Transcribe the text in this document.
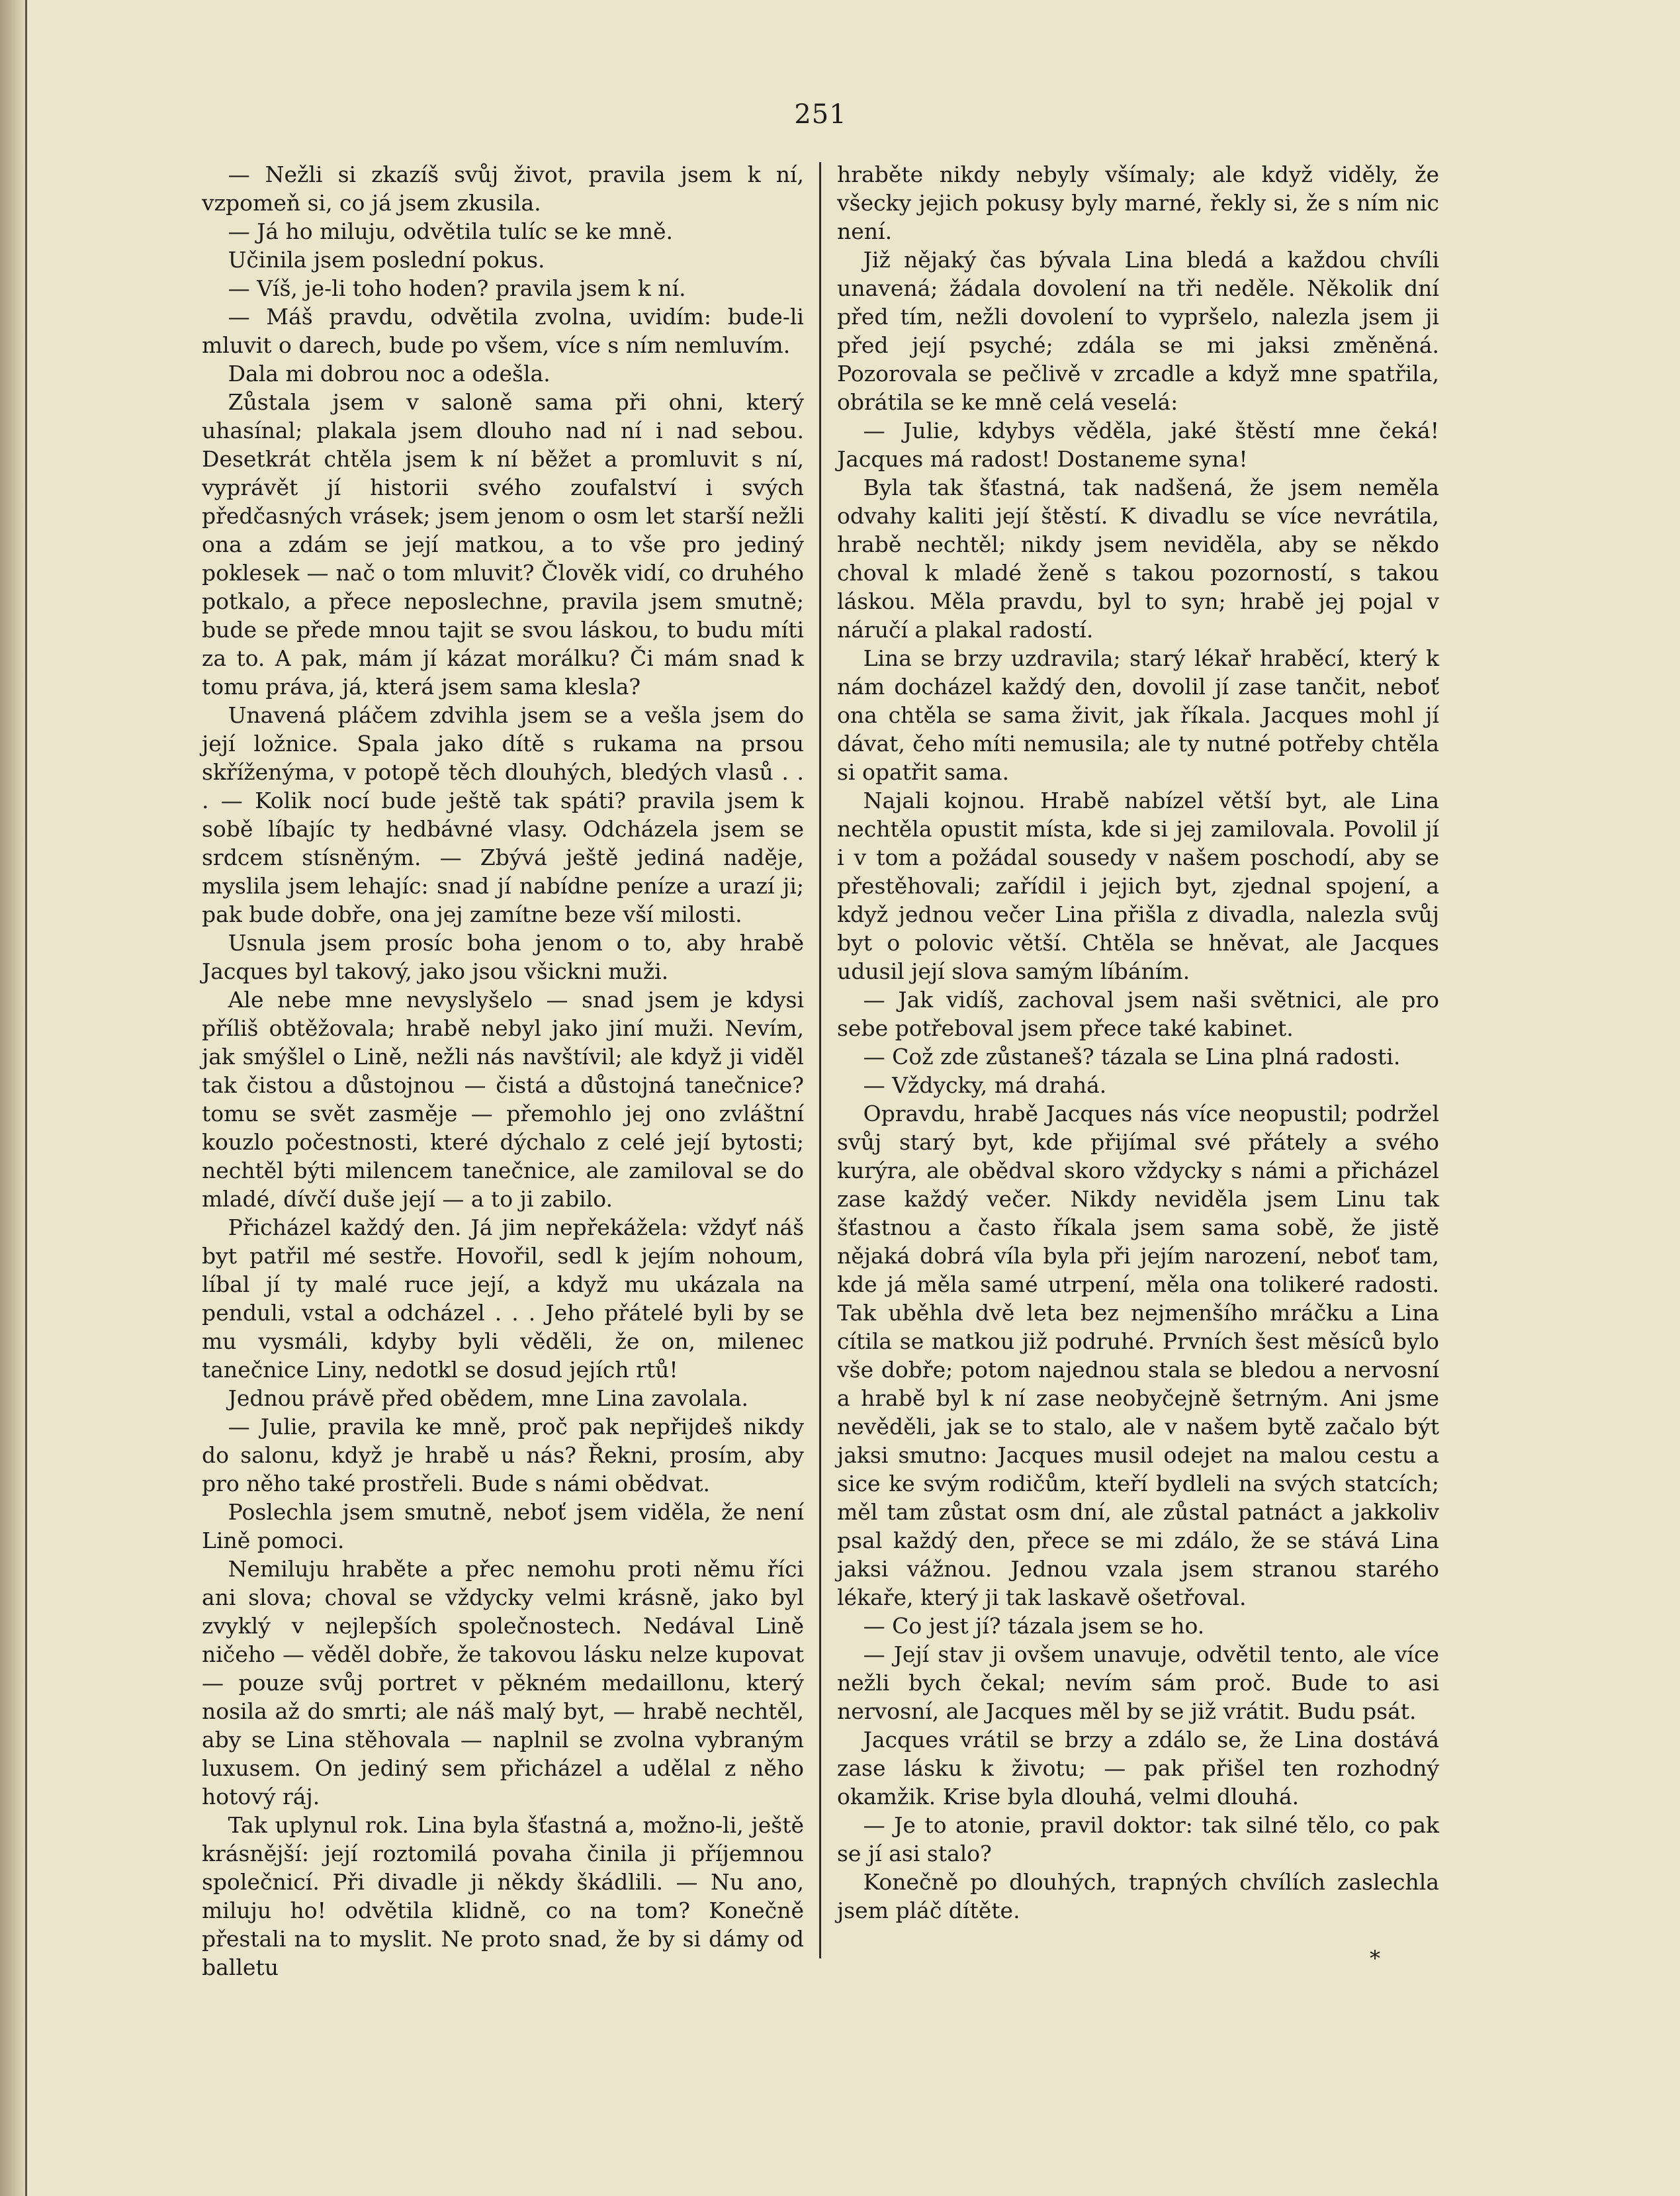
251

— Nežli si zkazíš svůj život, pravila jsem k ní, vzpomeň si, co já jsem zkusila.

— Já ho miluju, odvětila tulíc se ke mně.

Učinila jsem poslední pokus.

— Víš, je-li toho hoden? pravila jsem k ní.

— Máš pravdu, odvětila zvolna, uvidím: bude-li mluvit o darech, bude po všem, více s ním nemluvím.

Dala mi dobrou noc a odešla.

Zůstala jsem v saloně sama při ohni, který uhasínal; plakala jsem dlouho nad ní i nad sebou. Desetkrát chtěla jsem k ní běžet a promluvit s ní, vyprávět jí historii svého zoufalství i svých předčasných vrásek; jsem jenom o osm let starší nežli ona a zdám se její matkou, a to vše pro jediný poklesek — nač o tom mluvit? Člověk vidí, co druhého potkalo, a přece neposlechne, pravila jsem smutně; bude se přede mnou tajit se svou láskou, to budu míti za to. A pak, mám jí kázat morálku? Či mám snad k tomu práva, já, která jsem sama klesla?

Unavená pláčem zdvihla jsem se a vešla jsem do její ložnice. Spala jako dítě s rukama na prsou skříženýma, v potopě těch dlouhých, bledých vlasů . . . — Kolik nocí bude ještě tak spáti? pravila jsem k sobě líbajíc ty hedbávné vlasy. Odcházela jsem se srdcem stísněným. — Zbývá ještě jediná naděje, myslila jsem lehajíc: snad jí nabídne peníze a urazí ji; pak bude dobře, ona jej zamítne beze vší milosti.

Usnula jsem prosíc boha jenom o to, aby hrabě Jacques byl takový, jako jsou všickni muži.

Ale nebe mne nevyslyšelo — snad jsem je kdysi příliš obtěžovala; hrabě nebyl jako jiní muži. Nevím, jak smýšlel o Lině, nežli nás navštívil; ale když ji viděl tak čistou a důstojnou — čistá a důstojná tanečnice? tomu se svět zasměje — přemohlo jej ono zvláštní kouzlo počestnosti, které dýchalo z celé její bytosti; nechtěl býti milencem tanečnice, ale zamiloval se do mladé, dívčí duše její — a to ji zabilo.

Přicházel každý den. Já jim nepřekážela: vždyť náš byt patřil mé sestře. Hovořil, sedl k jejím nohoum, líbal jí ty malé ruce její, a když mu ukázala na penduli, vstal a odcházel . . . Jeho přátelé byli by se mu vysmáli, kdyby byli věděli, že on, milenec tanečnice Liny, nedotkl se dosud jejích rtů!

Jednou právě před obědem, mne Lina zavolala.

— Julie, pravila ke mně, proč pak nepřijdeš nikdy do salonu, když je hrabě u nás? Řekni, prosím, aby pro něho také prostřeli. Bude s námi obědvat.

Poslechla jsem smutně, neboť jsem viděla, že není Lině pomoci.

Nemiluju hraběte a přec nemohu proti němu říci ani slova; choval se vždycky velmi krásně, jako byl zvyklý v nejlepších společnostech. Nedával Lině ničeho — věděl dobře, že takovou lásku nelze kupovat — pouze svůj portret v pěkném medaillonu, který nosila až do smrti; ale náš malý byt, — hrabě nechtěl, aby se Lina stěhovala — naplnil se zvolna vybraným luxusem. On jediný sem přicházel a udělal z něho hotový ráj.

Tak uplynul rok. Lina byla šťastná a, možno-li, ještě krásnější: její roztomilá povaha činila ji příjemnou společnicí. Při divadle ji někdy škádlili. — Nu ano, miluju ho! odvětila klidně, co na tom? Konečně přestali na to myslit. Ne proto snad, že by si dámy od balletu

hraběte nikdy nebyly všímaly; ale když viděly, že všecky jejich pokusy byly marné, řekly si, že s ním nic není.

Již nějaký čas bývala Lina bledá a každou chvíli unavená; žádala dovolení na tři neděle. Několik dní před tím, nežli dovolení to vypršelo, nalezla jsem ji před její psyché; zdála se mi jaksi změněná. Pozorovala se pečlivě v zrcadle a když mne spatřila, obrátila se ke mně celá veselá:

— Julie, kdybys věděla, jaké štěstí mne čeká! Jacques má radost! Dostaneme syna!

Byla tak šťastná, tak nadšená, že jsem neměla odvahy kaliti její štěstí. K divadlu se více nevrátila, hrabě nechtěl; nikdy jsem neviděla, aby se někdo choval k mladé ženě s takou pozorností, s takou láskou. Měla pravdu, byl to syn; hrabě jej pojal v náručí a plakal radostí.

Lina se brzy uzdravila; starý lékař hraběcí, který k nám docházel každý den, dovolil jí zase tančit, neboť ona chtěla se sama živit, jak říkala. Jacques mohl jí dávat, čeho míti nemusila; ale ty nutné potřeby chtěla si opatřit sama.

Najali kojnou. Hrabě nabízel větší byt, ale Lina nechtěla opustit místa, kde si jej zamilovala. Povolil jí i v tom a požádal sousedy v našem poschodí, aby se přestěhovali; zařídil i jejich byt, zjednal spojení, a když jednou večer Lina přišla z divadla, nalezla svůj byt o polovic větší. Chtěla se hněvat, ale Jacques udusil její slova samým líbáním.

— Jak vidíš, zachoval jsem naši světnici, ale pro sebe potřeboval jsem přece také kabinet.

— Což zde zůstaneš? tázala se Lina plná radosti.

— Vždycky, má drahá.

Opravdu, hrabě Jacques nás více neopustil; podržel svůj starý byt, kde přijímal své přátely a svého kurýra, ale obědval skoro vždycky s námi a přicházel zase každý večer. Nikdy neviděla jsem Linu tak šťastnou a často říkala jsem sama sobě, že jistě nějaká dobrá víla byla při jejím narození, neboť tam, kde já měla samé utrpení, měla ona tolikeré radosti. Tak uběhla dvě leta bez nejmenšího mráčku a Lina cítila se matkou již podruhé. Prvních šest měsíců bylo vše dobře; potom najednou stala se bledou a nervosní a hrabě byl k ní zase neobyčejně šetrným. Ani jsme nevěděli, jak se to stalo, ale v našem bytě začalo být jaksi smutno: Jacques musil odejet na malou cestu a sice ke svým rodičům, kteří bydleli na svých statcích; měl tam zůstat osm dní, ale zůstal patnáct a jakkoliv psal každý den, přece se mi zdálo, že se stává Lina jaksi vážnou. Jednou vzala jsem stranou starého lékaře, který ji tak laskavě ošetřoval.

— Co jest jí? tázala jsem se ho.

— Její stav ji ovšem unavuje, odvětil tento, ale více nežli bych čekal; nevím sám proč. Bude to asi nervosní, ale Jacques měl by se již vrátit. Budu psát.

Jacques vrátil se brzy a zdálo se, že Lina dostává zase lásku k životu; — pak přišel ten rozhodný okamžik. Krise byla dlouhá, velmi dlouhá.

— Je to atonie, pravil doktor: tak silné tělo, co pak se jí asi stalo?

Konečně po dlouhých, trapných chvílích zaslechla jsem pláč dítěte.

*
